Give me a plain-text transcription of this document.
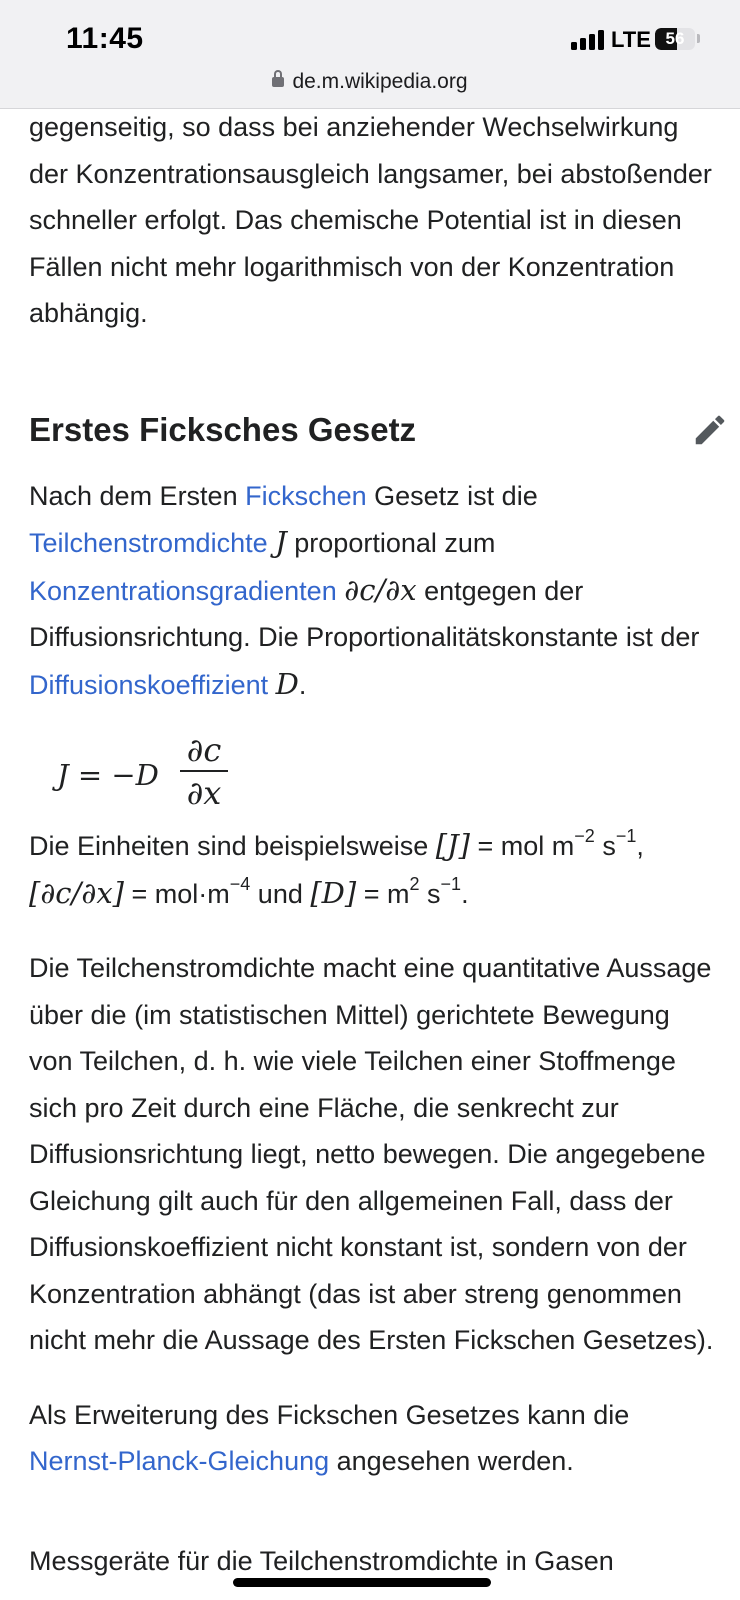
11:45	LTE 56
de.m.wikipedia.org

gegenseitig, so dass bei anziehender Wechselwirkung der Konzentrationsausgleich langsamer, bei abstoßender schneller erfolgt. Das chemische Potential ist in diesen Fällen nicht mehr logarithmisch von der Konzentration abhängig.

Erstes Ficksches Gesetz

Nach dem Ersten Fickschen Gesetz ist die
Teilchenstromdichte J proportional zum
Konzentrationsgradienten ∂c/∂x entgegen der Diffusionsrichtung. Die Proportionalitätskonstante ist der Diffusionskoeffizient D.

J = −D
∂c
∂x

Die Einheiten sind beispielsweise [J] = mol $m^{-2}$ $s^{-1}$,
$[\partial c/\partial x] = mol\cdot m^{-4}$ und $[D] = m^2$ $s^{-1}$.

Die Teilchenstromdichte macht eine quantitative Aussage über die (im statistischen Mittel) gerichtete Bewegung von Teilchen, d. h. wie viele Teilchen einer Stoffmenge sich pro Zeit durch eine Fläche, die senkrecht zur Diffusionsrichtung liegt, netto bewegen. Die angegebene Gleichung gilt auch für den allgemeinen Fall, dass der Diffusionskoeffizient nicht konstant ist, sondern von der Konzentration abhängt (das ist aber streng genommen nicht mehr die Aussage des Ersten Fickschen Gesetzes).

Als Erweiterung des Fickschen Gesetzes kann die
Nernst-Planck-Gleichung angesehen werden.

Messgeräte für die Teilchenstromdichte in Gasen
